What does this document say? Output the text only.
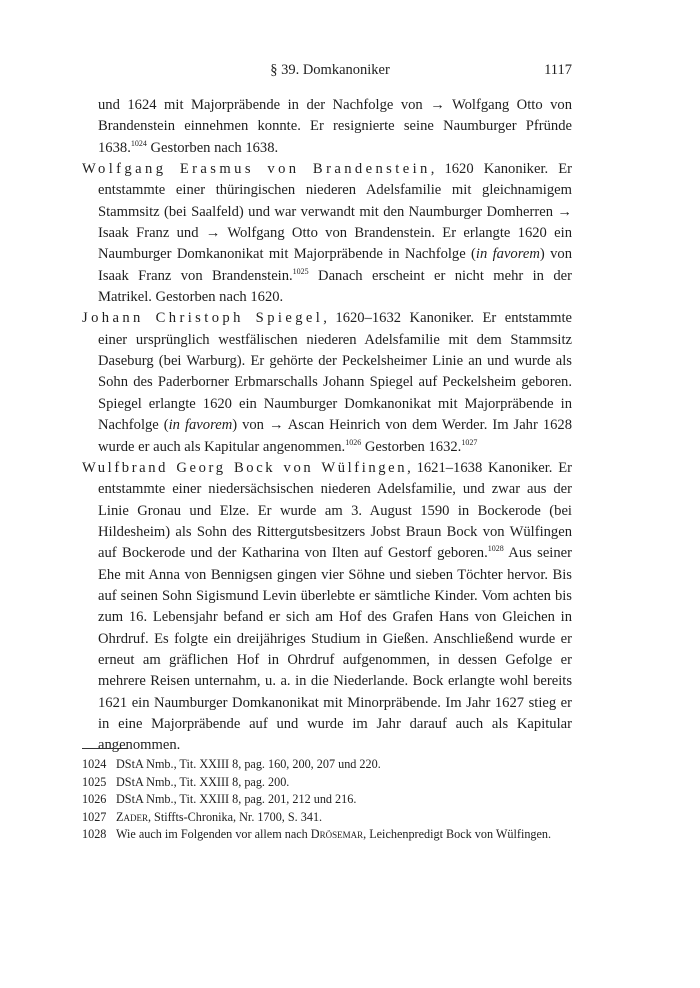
§ 39. Domkanoniker	1117

und 1624 mit Majorpräbende in der Nachfolge von → Wolfgang Otto von Brandenstein einnehmen konnte. Er resignierte seine Naumburger Pfründe 1638.$^{1024}$ Gestorben nach 1638.

Wolfgang Erasmus von Brandenstein, 1620 Kanoniker. Er entstammte einer thüringischen niederen Adelsfamilie mit gleichnamigem Stammsitz (bei Saalfeld) und war verwandt mit den Naumburger Domherren → Isaak Franz und → Wolfgang Otto von Brandenstein. Er erlangte 1620 ein Naumburger Domkanonikat mit Majorpräbende in Nachfolge (in favorem) von Isaak Franz von Brandenstein.$^{1025}$ Danach erscheint er nicht mehr in der Matrikel. Gestorben nach 1620.

Johann Christoph Spiegel, 1620–1632 Kanoniker. Er entstammte einer ursprünglich westfälischen niederen Adelsfamilie mit dem Stammsitz Daseburg (bei Warburg). Er gehörte der Peckelsheimer Linie an und wurde als Sohn des Paderborner Erbmarschalls Johann Spiegel auf Peckelsheim geboren. Spiegel erlangte 1620 ein Naumburger Domkanonikat mit Majorpräbende in Nachfolge (in favorem) von → Ascan Heinrich von dem Werder. Im Jahr 1628 wurde er auch als Kapitular angenommen.$^{1026}$ Gestorben 1632.$^{1027}$

Wulfbrand Georg Bock von Wülfingen, 1621–1638 Kanoniker. Er entstammte einer niedersächsischen niederen Adelsfamilie, und zwar aus der Linie Gronau und Elze. Er wurde am 3. August 1590 in Bockerode (bei Hildesheim) als Sohn des Rittergutsbesitzers Jobst Braun Bock von Wülfingen auf Bockerode und der Katharina von Ilten auf Gestorf geboren.$^{1028}$ Aus seiner Ehe mit Anna von Bennigsen gingen vier Söhne und sieben Töchter hervor. Bis auf seinen Sohn Sigismund Levin überlebte er sämtliche Kinder. Vom achten bis zum 16. Lebensjahr befand er sich am Hof des Grafen Hans von Gleichen in Ohrdruf. Es folgte ein dreijähriges Studium in Gießen. Anschließend wurde er erneut am gräflichen Hof in Ohrdruf aufgenommen, in dessen Gefolge er mehrere Reisen unternahm, u. a. in die Niederlande. Bock erlangte wohl bereits 1621 ein Naumburger Domkanonikat mit Minorpräbende. Im Jahr 1627 stieg er in eine Majorpräbende auf und wurde im Jahr darauf auch als Kapitular angenommen.

1024 DStA Nmb., Tit. XXIII 8, pag. 160, 200, 207 und 220.
1025 DStA Nmb., Tit. XXIII 8, pag. 200.
1026 DStA Nmb., Tit. XXIII 8, pag. 201, 212 und 216.
1027 Zader, Stiffts-Chronika, Nr. 1700, S. 341.
1028 Wie auch im Folgenden vor allem nach Drösemar, Leichenpredigt Bock von Wülfingen.
